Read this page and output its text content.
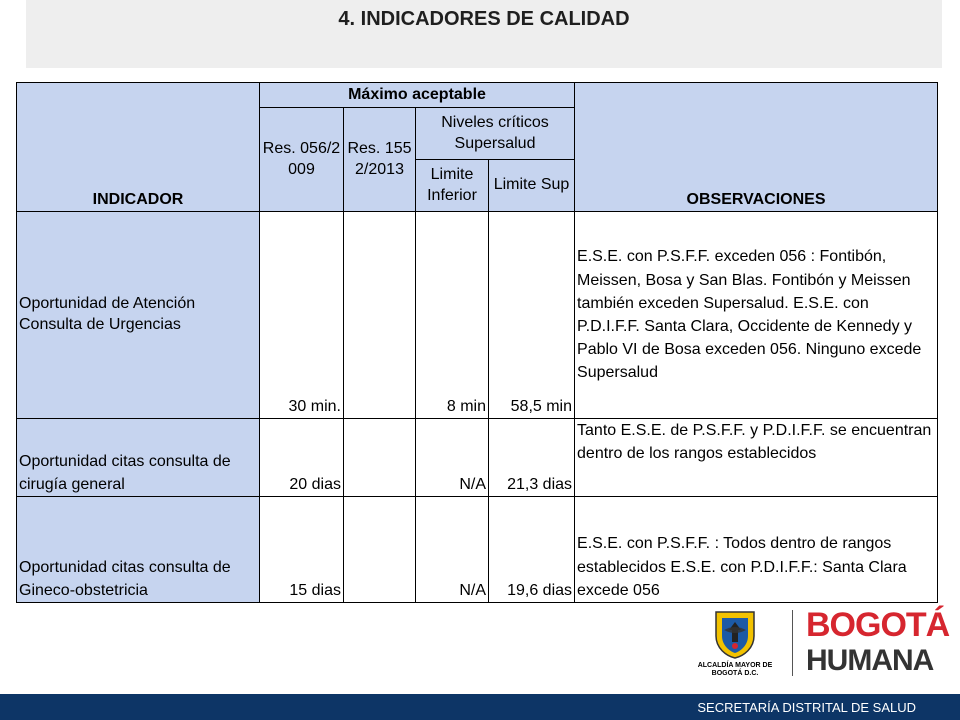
4. INDICADORES DE CALIDAD
INDICADOR	Máximo aceptable				OBSERVACIONES
	Res. 056/2009	Res. 1552/2013	Niveles críticos Supersalud		
			Limite Inferior	Limite Sup	
Oportunidad de Atención Consulta de Urgencias	30 min.		8 min	58,5 min	E.S.E. con P.S.F.F. exceden 056 : Fontibón, Meissen, Bosa y San Blas. Fontibón y Meissen también exceden Supersalud. E.S.E. con P.D.I.F.F. Santa Clara, Occidente de Kennedy y Pablo VI de Bosa exceden 056. Ninguno excede Supersalud
Oportunidad citas consulta de cirugía general	20 dias		N/A	21,3 dias	Tanto E.S.E. de P.S.F.F. y P.D.I.F.F. se encuentran dentro de los rangos establecidos
Oportunidad citas consulta de Gineco-obstetricia	15 dias		N/A	19,6 dias	E.S.E. con P.S.F.F. : Todos dentro de rangos establecidos E.S.E. con P.D.I.F.F.: Santa Clara excede 056
ALCALDÍA MAYOR DE BOGOTÁ D.C.
BOGOTÁ
HUMANA
SECRETARÍA DISTRITAL DE SALUD
